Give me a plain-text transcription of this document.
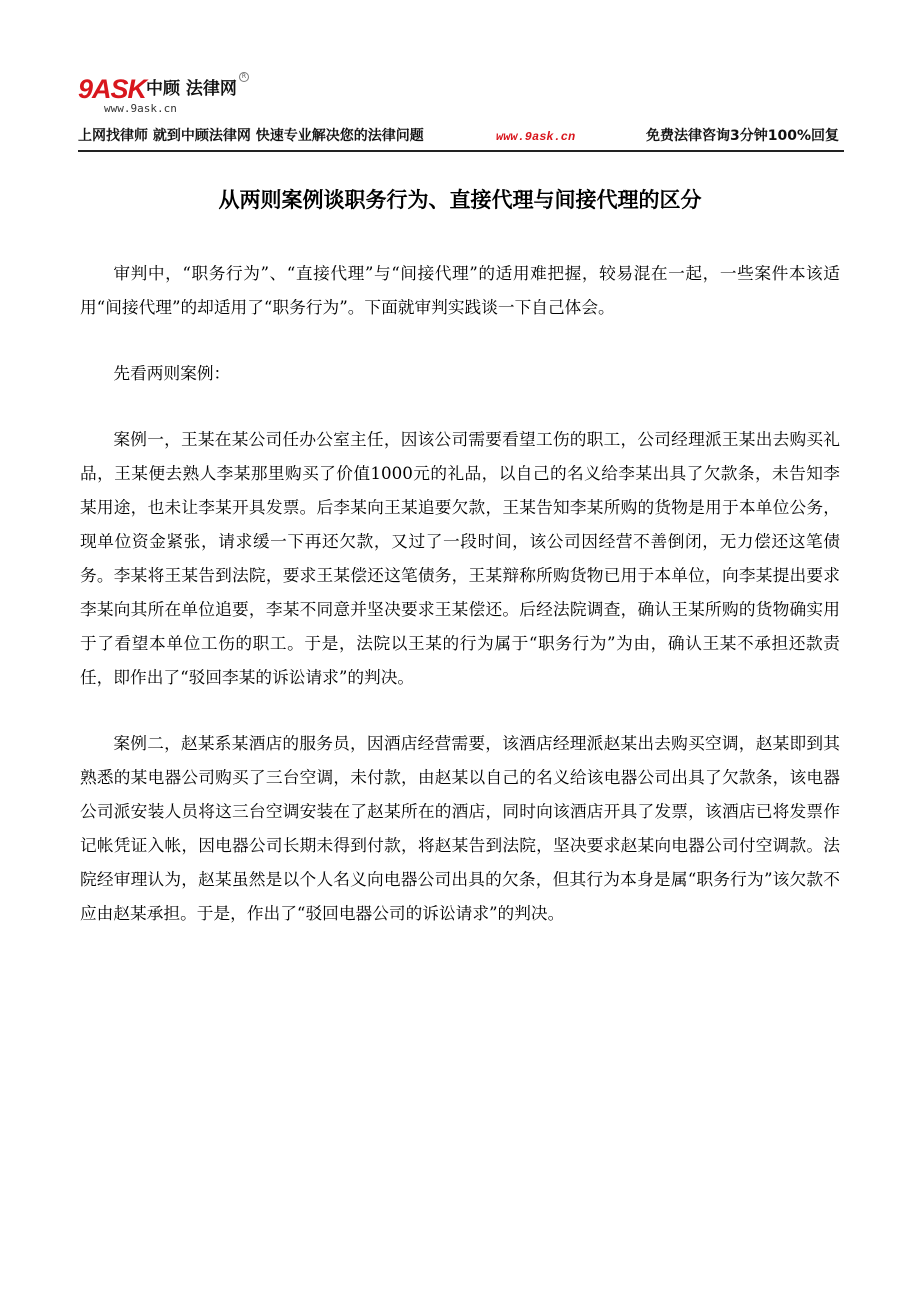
9ASK 中顾 法律网
R
www.9ask.cn
上网找律师 就到中顾法律网 快速专业解决您的法律问题	www.9ask.cn	免费法律咨询3分钟100%回复
从两则案例谈职务行为、直接代理与间接代理的区分

审判中，“职务行为”、“直接代理”与“间接代理”的适用难把握，较易混在一起，一些案件本该适用“间接代理”的却适用了“职务行为”。下面就审判实践谈一下自己体会。

先看两则案例：

案例一，王某在某公司任办公室主任，因该公司需要看望工伤的职工，公司经理派王某出去购买礼品，王某便去熟人李某那里购买了价值1000元的礼品，以自己的名义给李某出具了欠款条，未告知李某用途，也未让李某开具发票。后李某向王某追要欠款，王某告知李某所购的货物是用于本单位公务，现单位资金紧张，请求缓一下再还欠款，又过了一段时间，该公司因经营不善倒闭，无力偿还这笔债务。李某将王某告到法院，要求王某偿还这笔债务，王某辩称所购货物已用于本单位，向李某提出要求李某向其所在单位追要，李某不同意并坚决要求王某偿还。后经法院调查，确认王某所购的货物确实用于了看望本单位工伤的职工。于是，法院以王某的行为属于“职务行为”为由，确认王某不承担还款责任，即作出了“驳回李某的诉讼请求”的判决。

案例二，赵某系某酒店的服务员，因酒店经营需要，该酒店经理派赵某出去购买空调，赵某即到其熟悉的某电器公司购买了三台空调，未付款，由赵某以自己的名义给该电器公司出具了欠款条，该电器公司派安装人员将这三台空调安装在了赵某所在的酒店，同时向该酒店开具了发票，该酒店已将发票作记帐凭证入帐，因电器公司长期未得到付款，将赵某告到法院，坚决要求赵某向电器公司付空调款。法院经审理认为，赵某虽然是以个人名义向电器公司出具的欠条，但其行为本身是属“职务行为”该欠款不应由赵某承担。于是，作出了“驳回电器公司的诉讼请求”的判决。
